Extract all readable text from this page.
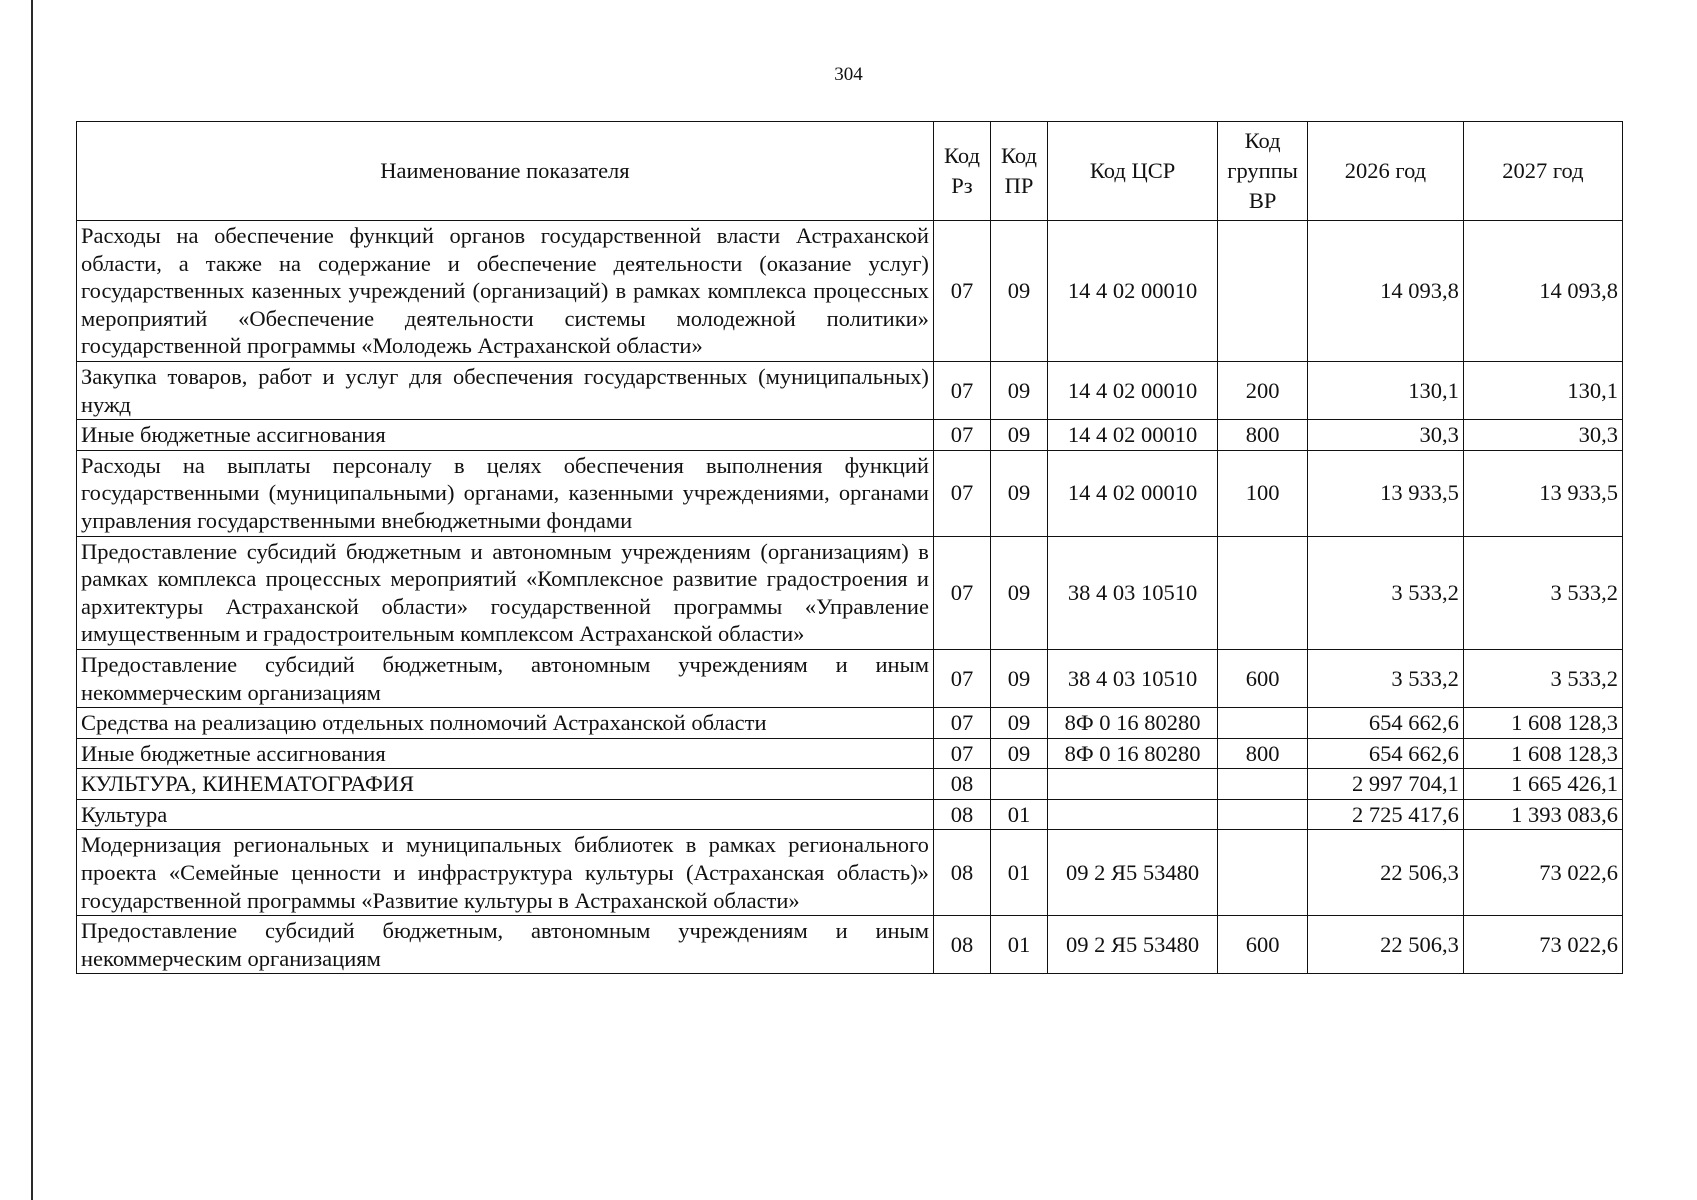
304
Наименование показателя	Код Рз	Код ПР	Код ЦСР	Код группы ВР	2026 год	2027 год
Расходы на обеспечение функций органов государственной власти Астраханской области, а также на содержание и обеспечение деятельности (оказание услуг) государственных казенных учреждений (организаций) в рамках комплекса процессных мероприятий «Обеспечение деятельности системы молодежной политики» государственной программы «Молодежь Астраханской области»	07	09	14 4 02 00010		14 093,8	14 093,8
Закупка товаров, работ и услуг для обеспечения государственных (муниципальных) нужд	07	09	14 4 02 00010	200	130,1	130,1
Иные бюджетные ассигнования	07	09	14 4 02 00010	800	30,3	30,3
Расходы на выплаты персоналу в целях обеспечения выполнения функций государственными (муниципальными) органами, казенными учреждениями, органами управления государственными внебюджетными фондами	07	09	14 4 02 00010	100	13 933,5	13 933,5
Предоставление субсидий бюджетным и автономным учреждениям (организациям) в рамках комплекса процессных мероприятий «Комплексное развитие градостроения и архитектуры Астраханской области» государственной программы «Управление имущественным и градостроительным комплексом Астраханской области»	07	09	38 4 03 10510		3 533,2	3 533,2
Предоставление субсидий бюджетным, автономным учреждениям и иным некоммерческим организациям	07	09	38 4 03 10510	600	3 533,2	3 533,2
Средства на реализацию отдельных полномочий Астраханской области	07	09	8Ф 0 16 80280		654 662,6	1 608 128,3
Иные бюджетные ассигнования	07	09	8Ф 0 16 80280	800	654 662,6	1 608 128,3
КУЛЬТУРА, КИНЕМАТОГРАФИЯ	08				2 997 704,1	1 665 426,1
Культура	08	01			2 725 417,6	1 393 083,6
Модернизация региональных и муниципальных библиотек в рамках регионального проекта «Семейные ценности и инфраструктура культуры (Астраханская область)» государственной программы «Развитие культуры в Астраханской области»	08	01	09 2 Я5 53480		22 506,3	73 022,6
Предоставление субсидий бюджетным, автономным учреждениям и иным некоммерческим организациям	08	01	09 2 Я5 53480	600	22 506,3	73 022,6
